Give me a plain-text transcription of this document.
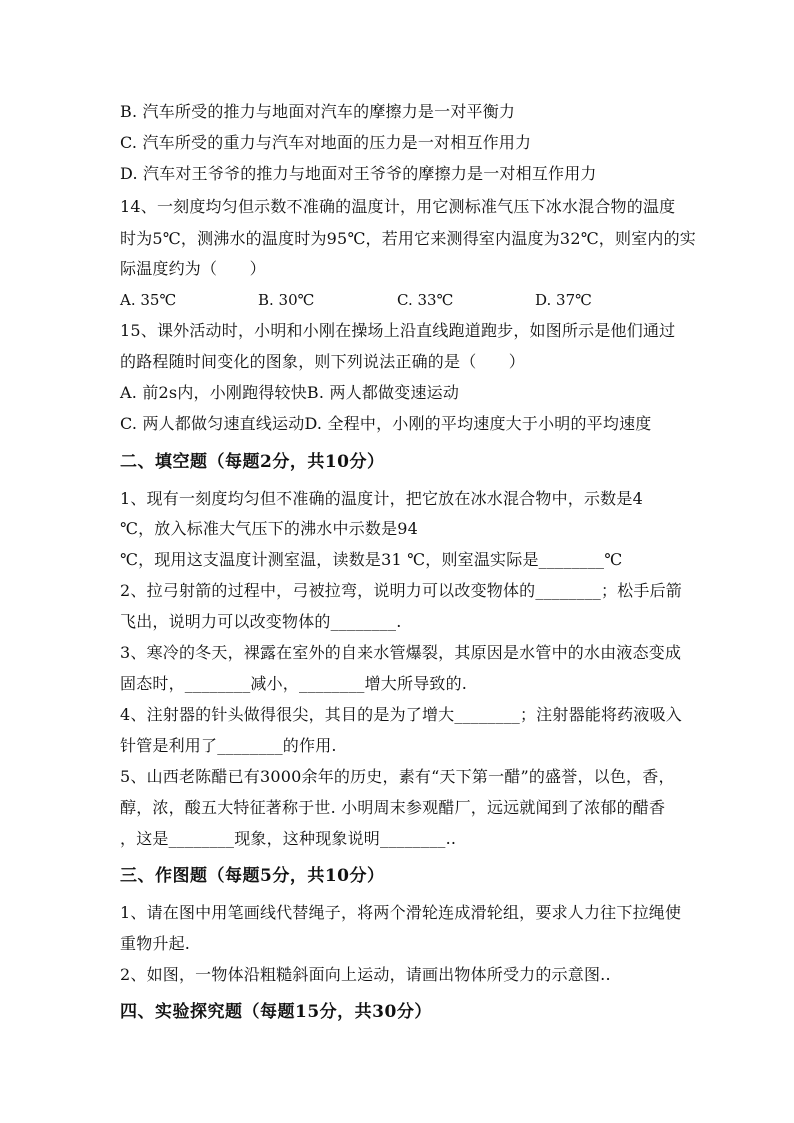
B. 汽车所受的推力与地面对汽车的摩擦力是一对平衡力
C. 汽车所受的重力与汽车对地面的压力是一对相互作用力
D. 汽车对王爷爷的推力与地面对王爷爷的摩擦力是一对相互作用力
14、一刻度均匀但示数不准确的温度计，用它测标准气压下冰水混合物的温度
时为5℃，测沸水的温度时为95℃，若用它来测得室内温度为32℃，则室内的实
际温度约为（　　）
A. 35℃	B. 30℃	C. 33℃	D. 37℃
15、课外活动时，小明和小刚在操场上沿直线跑道跑步，如图所示是他们通过
的路程随时间变化的图象，则下列说法正确的是（　　）
A. 前2s内，小刚跑得较快B. 两人都做变速运动
C. 两人都做匀速直线运动D. 全程中，小刚的平均速度大于小明的平均速度
二、填空题（每题2分，共10分）
1、现有一刻度均匀但不准确的温度计，把它放在冰水混合物中，示数是4
℃，放入标准大气压下的沸水中示数是94
℃，现用这支温度计测室温，读数是31 ℃，则室温实际是________℃
2、拉弓射箭的过程中，弓被拉弯，说明力可以改变物体的________；松手后箭
飞出，说明力可以改变物体的________.
3、寒冷的冬天，裸露在室外的自来水管爆裂，其原因是水管中的水由液态变成
固态时，________减小，________增大所导致的.
4、注射器的针头做得很尖，其目的是为了增大________；注射器能将药液吸入
针管是利用了________的作用.
5、山西老陈醋已有3000余年的历史，素有“天下第一醋”的盛誉，以色，香，
醇，浓，酸五大特征著称于世. 小明周末参观醋厂，远远就闻到了浓郁的醋香
，这是________现象，这种现象说明________..
三、作图题（每题5分，共10分）
1、请在图中用笔画线代替绳子，将两个滑轮连成滑轮组，要求人力往下拉绳使
重物升起.
2、如图，一物体沿粗糙斜面向上运动，请画出物体所受力的示意图..
四、实验探究题（每题15分，共30分）
